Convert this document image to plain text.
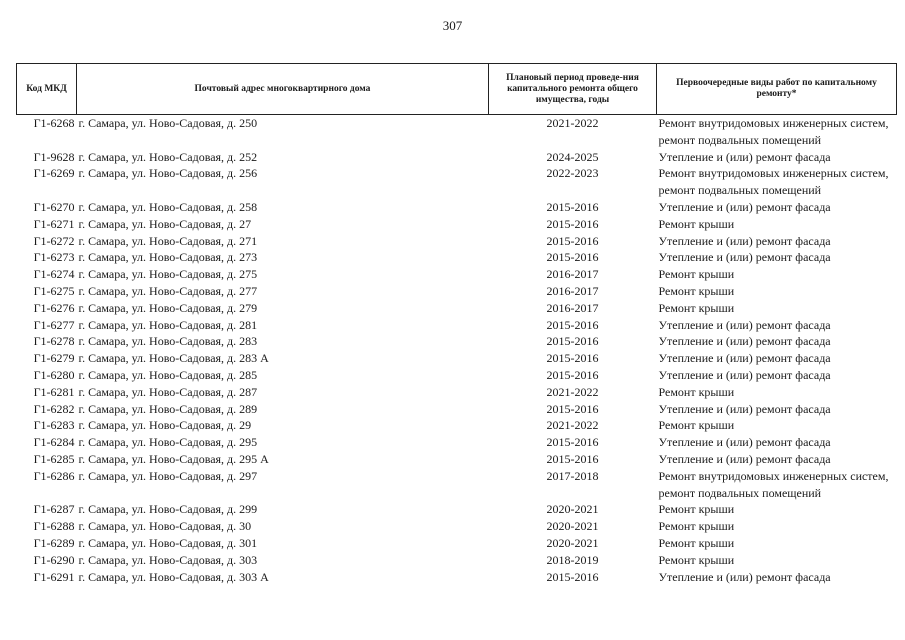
307
Код МКД	Почтовый адрес многоквартирного дома	Плановый период проведе-ния капитального ремонта общего имущества, годы	Первоочередные виды работ по капитальному ремонту*
Г1-6268	г. Самара, ул. Ново-Садовая, д. 250	2021-2022	Ремонт внутридомовых инженерных систем,
ремонт подвальных помещений

Г1-9628	г. Самара, ул. Ново-Садовая, д. 252	2024-2025	Утепление и (или) ремонт фасада

Г1-6269	г. Самара, ул. Ново-Садовая, д. 256	2022-2023	Ремонт внутридомовых инженерных систем,
ремонт подвальных помещений

Г1-6270	г. Самара, ул. Ново-Садовая, д. 258	2015-2016	Утепление и (или) ремонт фасада

Г1-6271	г. Самара, ул. Ново-Садовая, д. 27	2015-2016	Ремонт крыши

Г1-6272	г. Самара, ул. Ново-Садовая, д. 271	2015-2016	Утепление и (или) ремонт фасада

Г1-6273	г. Самара, ул. Ново-Садовая, д. 273	2015-2016	Утепление и (или) ремонт фасада

Г1-6274	г. Самара, ул. Ново-Садовая, д. 275	2016-2017	Ремонт крыши

Г1-6275	г. Самара, ул. Ново-Садовая, д. 277	2016-2017	Ремонт крыши

Г1-6276	г. Самара, ул. Ново-Садовая, д. 279	2016-2017	Ремонт крыши

Г1-6277	г. Самара, ул. Ново-Садовая, д. 281	2015-2016	Утепление и (или) ремонт фасада

Г1-6278	г. Самара, ул. Ново-Садовая, д. 283	2015-2016	Утепление и (или) ремонт фасада

Г1-6279	г. Самара, ул. Ново-Садовая, д. 283 А	2015-2016	Утепление и (или) ремонт фасада

Г1-6280	г. Самара, ул. Ново-Садовая, д. 285	2015-2016	Утепление и (или) ремонт фасада

Г1-6281	г. Самара, ул. Ново-Садовая, д. 287	2021-2022	Ремонт крыши

Г1-6282	г. Самара, ул. Ново-Садовая, д. 289	2015-2016	Утепление и (или) ремонт фасада

Г1-6283	г. Самара, ул. Ново-Садовая, д. 29	2021-2022	Ремонт крыши

Г1-6284	г. Самара, ул. Ново-Садовая, д. 295	2015-2016	Утепление и (или) ремонт фасада

Г1-6285	г. Самара, ул. Ново-Садовая, д. 295 А	2015-2016	Утепление и (или) ремонт фасада

Г1-6286	г. Самара, ул. Ново-Садовая, д. 297	2017-2018	Ремонт внутридомовых инженерных систем,
ремонт подвальных помещений

Г1-6287	г. Самара, ул. Ново-Садовая, д. 299	2020-2021	Ремонт крыши

Г1-6288	г. Самара, ул. Ново-Садовая, д. 30	2020-2021	Ремонт крыши

Г1-6289	г. Самара, ул. Ново-Садовая, д. 301	2020-2021	Ремонт крыши

Г1-6290	г. Самара, ул. Ново-Садовая, д. 303	2018-2019	Ремонт крыши

Г1-6291	г. Самара, ул. Ново-Садовая, д. 303 А	2015-2016	Утепление и (или) ремонт фасада
